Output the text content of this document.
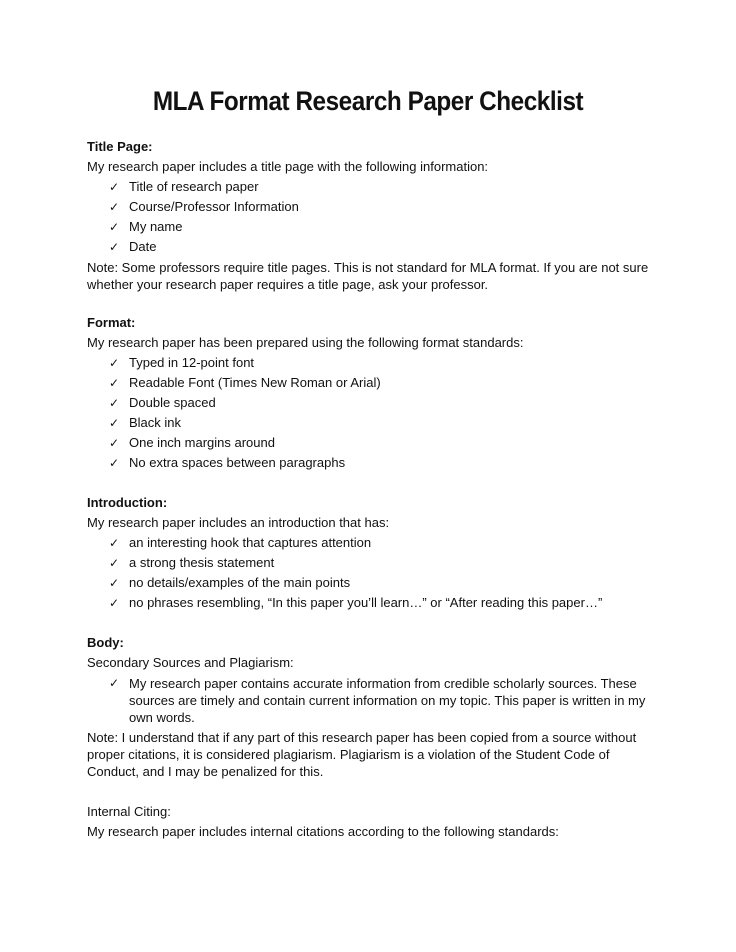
MLA Format Research Paper Checklist

Title Page:

My research paper includes a title page with the following information:

✓ Title of research paper
✓ Course/Professor Information
✓ My name
✓ Date

Note: Some professors require title pages. This is not standard for MLA format. If you are not sure whether your research paper requires a title page, ask your professor.

Format:

My research paper has been prepared using the following format standards:

✓ Typed in 12-point font
✓ Readable Font (Times New Roman or Arial)
✓ Double spaced
✓ Black ink
✓ One inch margins around
✓ No extra spaces between paragraphs

Introduction:

My research paper includes an introduction that has:

✓ an interesting hook that captures attention
✓ a strong thesis statement
✓ no details/examples of the main points
✓ no phrases resembling, “In this paper you’ll learn…” or “After reading this paper…”

Body:

Secondary Sources and Plagiarism:

✓ My research paper contains accurate information from credible scholarly sources. These sources are timely and contain current information on my topic. This paper is written in my own words.

Note: I understand that if any part of this research paper has been copied from a source without proper citations, it is considered plagiarism. Plagiarism is a violation of the Student Code of Conduct, and I may be penalized for this.

Internal Citing:

My research paper includes internal citations according to the following standards:
